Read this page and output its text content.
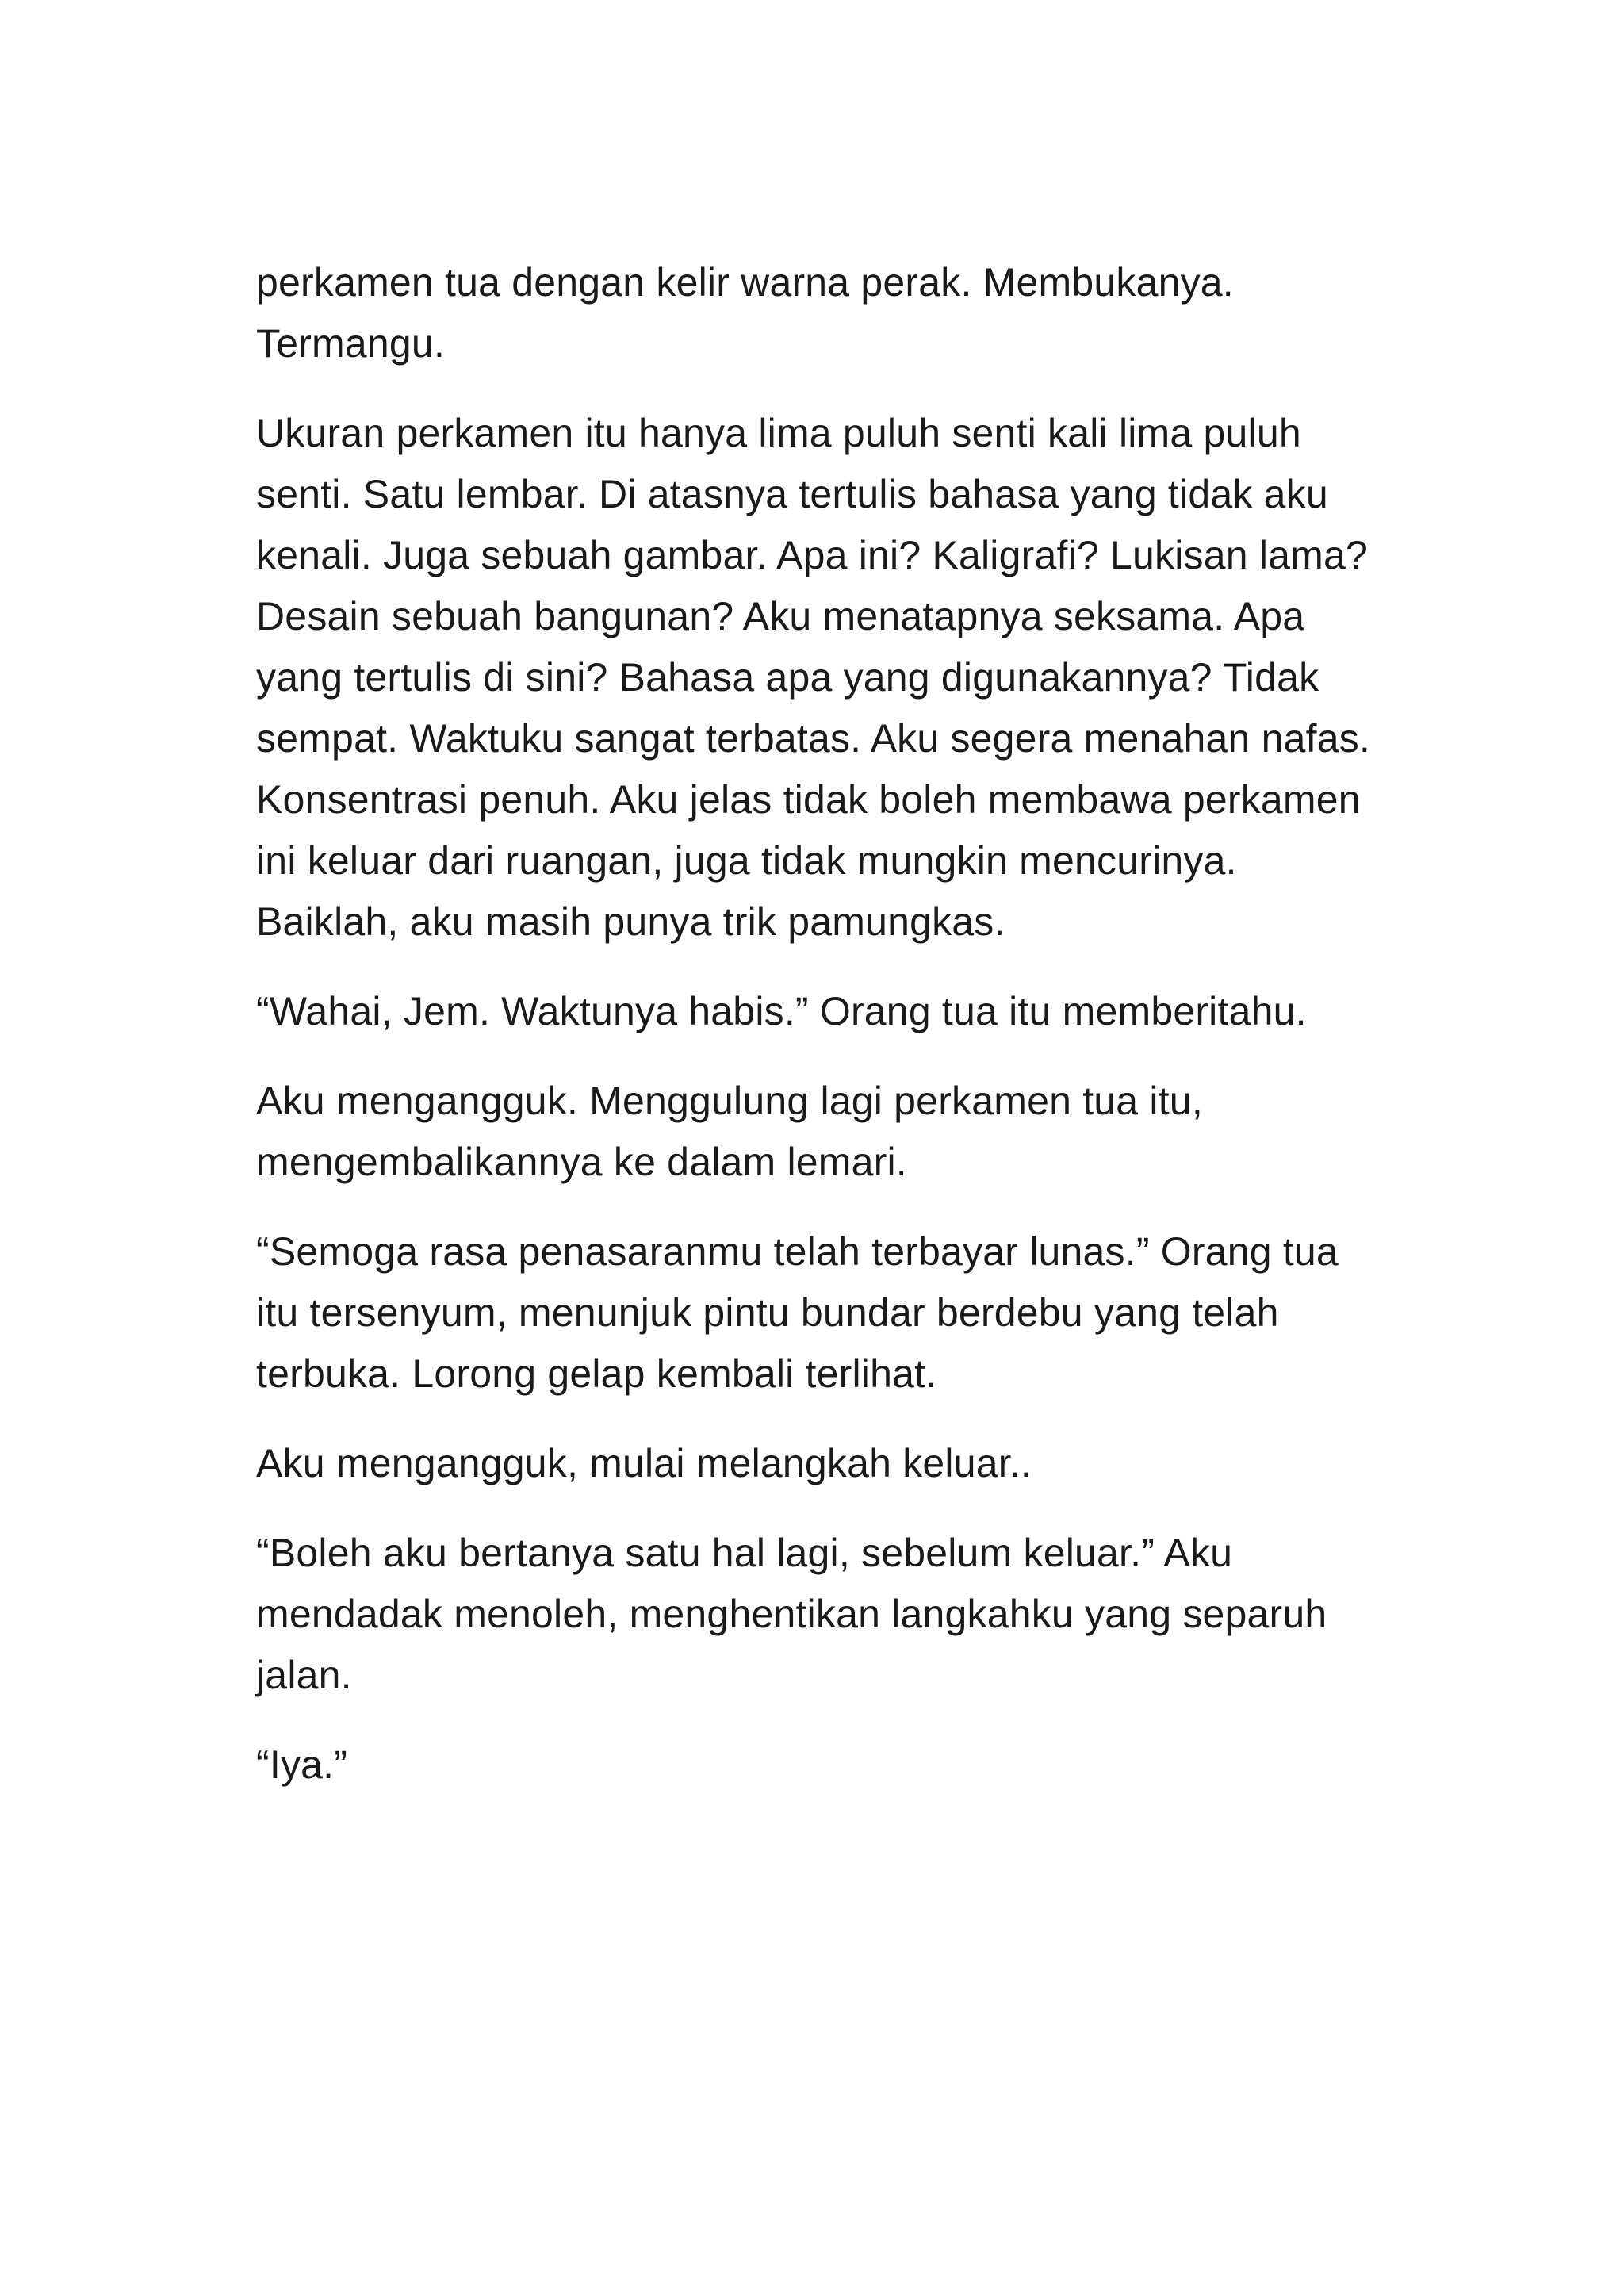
perkamen tua dengan kelir warna perak. Membukanya. Termangu.

Ukuran perkamen itu hanya lima puluh senti kali lima puluh senti. Satu lembar. Di atasnya tertulis bahasa yang tidak aku kenali. Juga sebuah gambar. Apa ini? Kaligrafi? Lukisan lama? Desain sebuah bangunan? Aku menatapnya seksama. Apa yang tertulis di sini? Bahasa apa yang digunakannya? Tidak sempat. Waktuku sangat terbatas. Aku segera menahan nafas. Konsentrasi penuh. Aku jelas tidak boleh membawa perkamen ini keluar dari ruangan, juga tidak mungkin mencurinya. Baiklah, aku masih punya trik pamungkas.

“Wahai, Jem. Waktunya habis.” Orang tua itu memberitahu.

Aku mengangguk. Menggulung lagi perkamen tua itu, mengembalikannya ke dalam lemari.

“Semoga rasa penasaranmu telah terbayar lunas.” Orang tua itu tersenyum, menunjuk pintu bundar berdebu yang telah terbuka. Lorong gelap kembali terlihat.

Aku mengangguk, mulai melangkah keluar..

“Boleh aku bertanya satu hal lagi, sebelum keluar.” Aku mendadak menoleh, menghentikan langkahku yang separuh jalan.

“Iya.”
